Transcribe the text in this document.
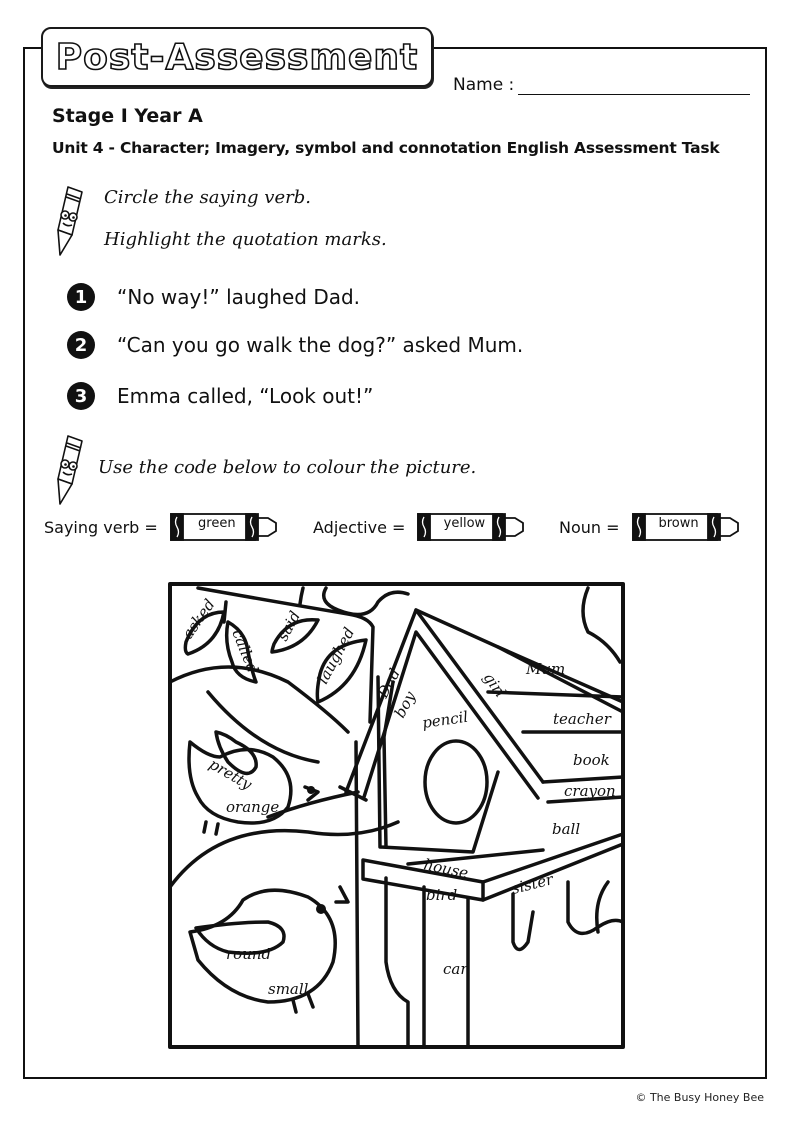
Post-Assessment
Name :
Stage I Year A
Unit 4 - Character; Imagery, symbol and connotation English Assessment Task
Circle the saying verb.
Highlight the quotation marks.
1	“No way!” laughed Dad.
2	“Can you go walk the dog?” asked Mum.
3	Emma called, “Look out!”
Use the code below to colour the picture.
Saying verb =	green	Adjective =	yellow	Noun =	brown
asked
called
said laughed Dad
boy
girl Mum
teacher
book
crayon
pencil
ball
pretty
orange
round
small
house
bird	sister
car
© The Busy Honey Bee
